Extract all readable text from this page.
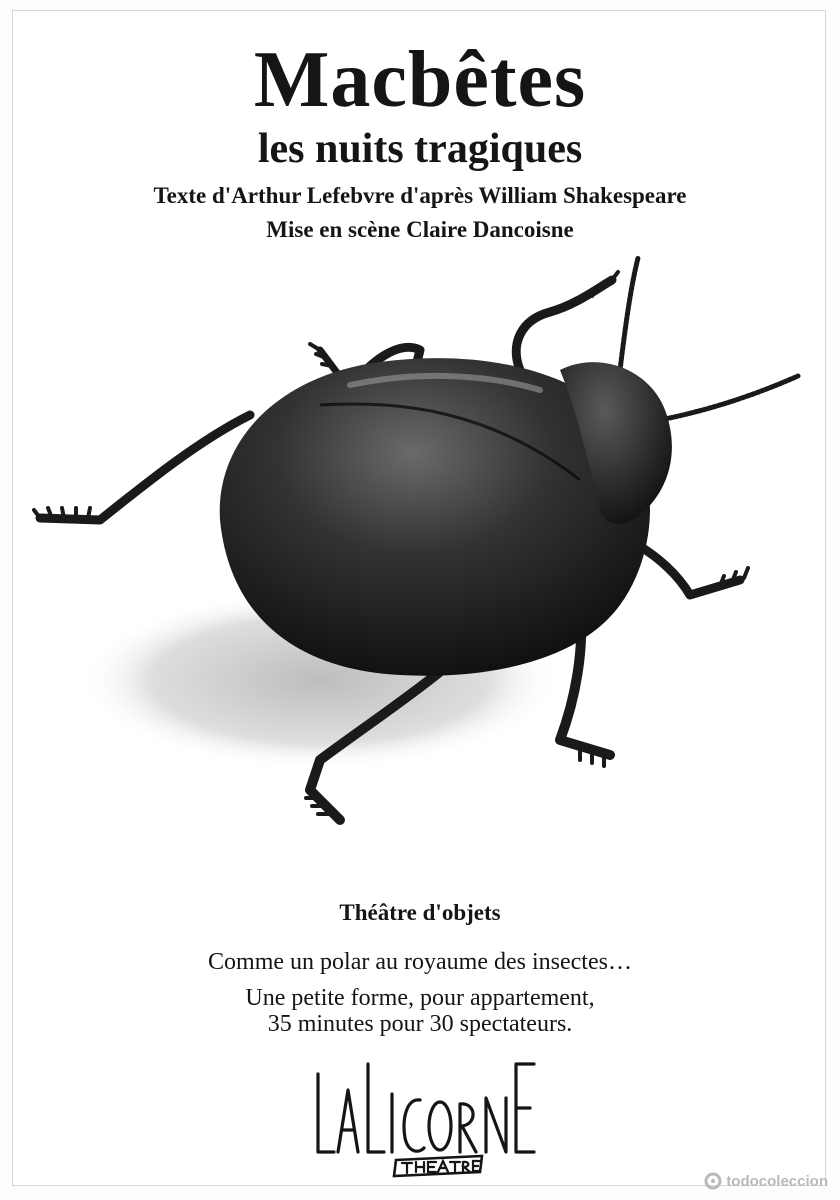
Macbêtes
les nuits tragiques
Texte d'Arthur Lefebvre d'après William Shakespeare
Mise en scène Claire Dancoisne
Théâtre d'objets
Comme un polar au royaume des insectes…
Une petite forme, pour appartement,
35 minutes pour 30 spectateurs.
todocoleccion
